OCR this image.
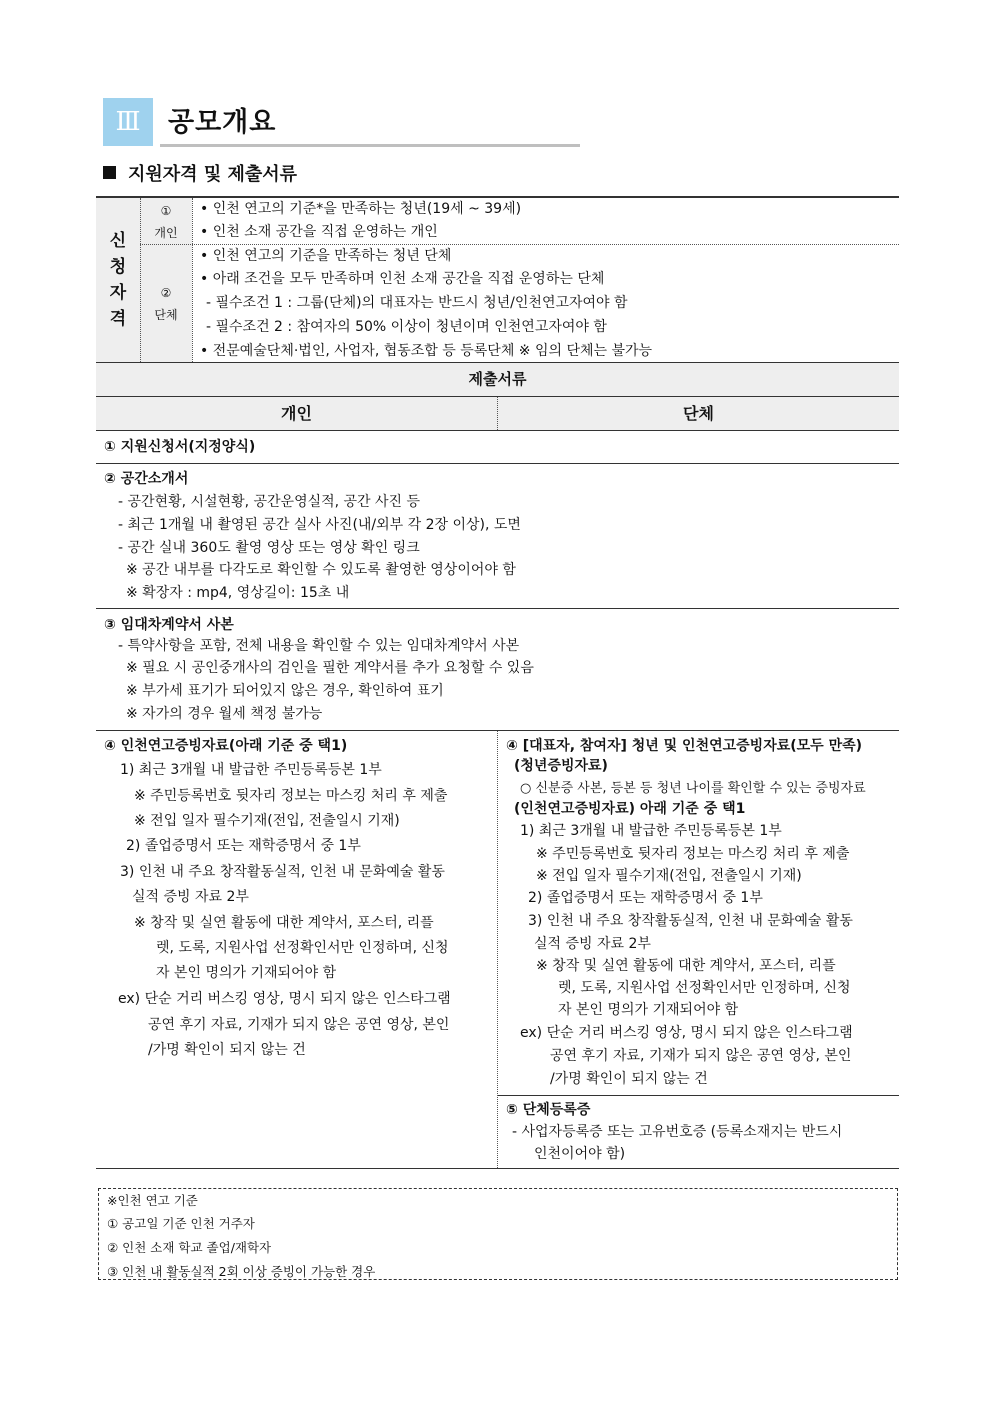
Ⅲ	공모개요
지원자격 및 제출서류
신청자격
①
개인
②
단체
• 인천 연고의 기준*을 만족하는 청년(19세 ~ 39세)
• 인천 소재 공간을 직접 운영하는 개인
• 인천 연고의 기준을 만족하는 청년 단체
• 아래 조건을 모두 만족하며 인천 소재 공간을 직접 운영하는 단체
- 필수조건 1 : 그룹(단체)의 대표자는 반드시 청년/인천연고자여야 함
- 필수조건 2 : 참여자의 50% 이상이 청년이며 인천연고자여야 함
• 전문예술단체·법인, 사업자, 협동조합 등 등록단체 ※ 임의 단체는 불가능
제출서류
개인	단체
① 지원신청서(지정양식)
② 공간소개서
- 공간현황, 시설현황, 공간운영실적, 공간 사진 등
- 최근 1개월 내 촬영된 공간 실사 사진(내/외부 각 2장 이상), 도면
- 공간 실내 360도 촬영 영상 또는 영상 확인 링크
※ 공간 내부를 다각도로 확인할 수 있도록 촬영한 영상이어야 함
※ 확장자 : mp4, 영상길이: 15초 내
③ 임대차계약서 사본
- 특약사항을 포함, 전체 내용을 확인할 수 있는 임대차계약서 사본
※ 필요 시 공인중개사의 검인을 필한 계약서를 추가 요청할 수 있음
※ 부가세 표기가 되어있지 않은 경우, 확인하여 표기
※ 자가의 경우 월세 책정 불가능
④ 인천연고증빙자료(아래 기준 중 택1)
1) 최근 3개월 내 발급한 주민등록등본 1부
※ 주민등록번호 뒷자리 정보는 마스킹 처리 후 제출
※ 전입 일자 필수기재(전입, 전출일시 기재)
2) 졸업증명서 또는 재학증명서 중 1부
3) 인천 내 주요 창작활동실적, 인천 내 문화예술 활동
실적 증빙 자료 2부
※ 창작 및 실연 활동에 대한 계약서, 포스터, 리플
렛, 도록, 지원사업 선정확인서만 인정하며, 신청
자 본인 명의가 기재되어야 함
ex) 단순 거리 버스킹 영상, 명시 되지 않은 인스타그램
공연 후기 자료, 기재가 되지 않은 공연 영상, 본인
/가명 확인이 되지 않는 건
④ [대표자, 참여자] 청년 및 인천연고증빙자료(모두 만족)
(청년증빙자료)
○ 신분증 사본, 등본 등 청년 나이를 확인할 수 있는 증빙자료
(인천연고증빙자료) 아래 기준 중 택1
1) 최근 3개월 내 발급한 주민등록등본 1부
※ 주민등록번호 뒷자리 정보는 마스킹 처리 후 제출
※ 전입 일자 필수기재(전입, 전출일시 기재)
2) 졸업증명서 또는 재학증명서 중 1부
3) 인천 내 주요 창작활동실적, 인천 내 문화예술 활동
실적 증빙 자료 2부
※ 창작 및 실연 활동에 대한 계약서, 포스터, 리플
렛, 도록, 지원사업 선정확인서만 인정하며, 신청
자 본인 명의가 기재되어야 함
ex) 단순 거리 버스킹 영상, 명시 되지 않은 인스타그램
공연 후기 자료, 기재가 되지 않은 공연 영상, 본인
/가명 확인이 되지 않는 건
⑤ 단체등록증
- 사업자등록증 또는 고유번호증 (등록소재지는 반드시
인천이어야 함)
※인천 연고 기준
① 공고일 기준 인천 거주자
② 인천 소재 학교 졸업/재학자
③ 인천 내 활동실적 2회 이상 증빙이 가능한 경우
